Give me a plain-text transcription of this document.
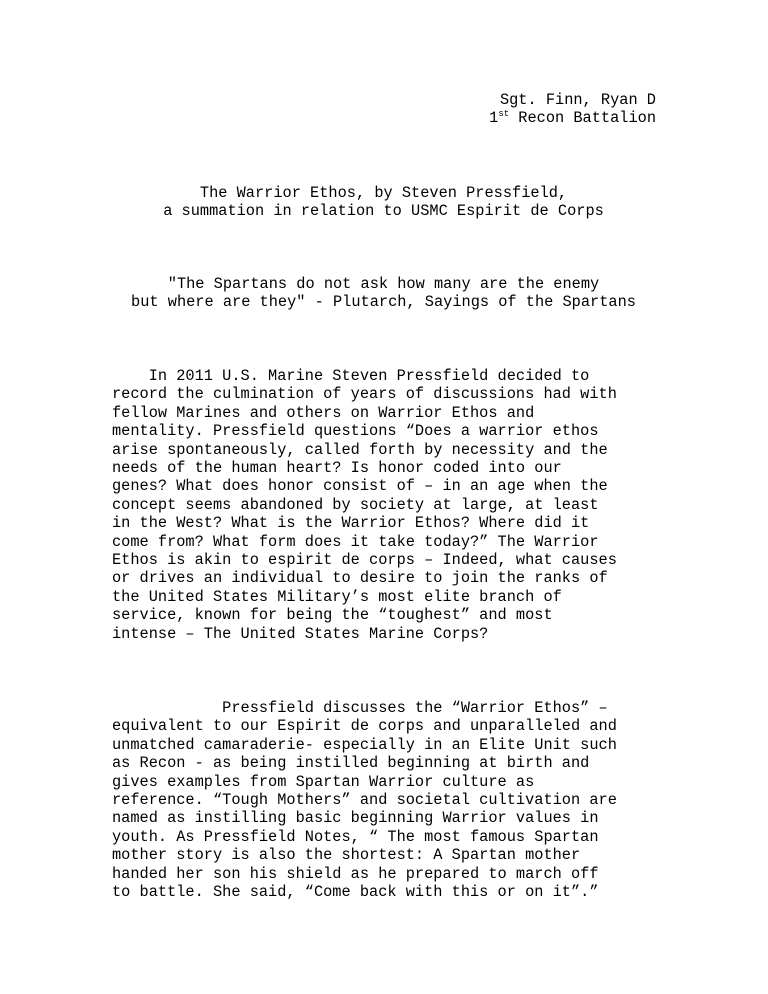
Sgt. Finn, Ryan D
1st Recon Battalion
The Warrior Ethos, by Steven Pressfield,
a summation in relation to USMC Espirit de Corps
"The Spartans do not ask how many are the enemy
but where are they" - Plutarch, Sayings of the Spartans
In 2011 U.S. Marine Steven Pressfield decided to
record the culmination of years of discussions had with
fellow Marines and others on Warrior Ethos and
mentality. Pressfield questions “Does a warrior ethos
arise spontaneously, called forth by necessity and the
needs of the human heart? Is honor coded into our
genes? What does honor consist of – in an age when the
concept seems abandoned by society at large, at least
in the West? What is the Warrior Ethos? Where did it
come from? What form does it take today?” The Warrior
Ethos is akin to espirit de corps – Indeed, what causes
or drives an individual to desire to join the ranks of
the United States Military’s most elite branch of
service, known for being the “toughest” and most
intense – The United States Marine Corps?
Pressfield discusses the “Warrior Ethos” –
equivalent to our Espirit de corps and unparalleled and
unmatched camaraderie- especially in an Elite Unit such
as Recon - as being instilled beginning at birth and
gives examples from Spartan Warrior culture as
reference. “Tough Mothers” and societal cultivation are
named as instilling basic beginning Warrior values in
youth. As Pressfield Notes, “ The most famous Spartan
mother story is also the shortest: A Spartan mother
handed her son his shield as he prepared to march off
to battle. She said, “Come back with this or on it”.”
